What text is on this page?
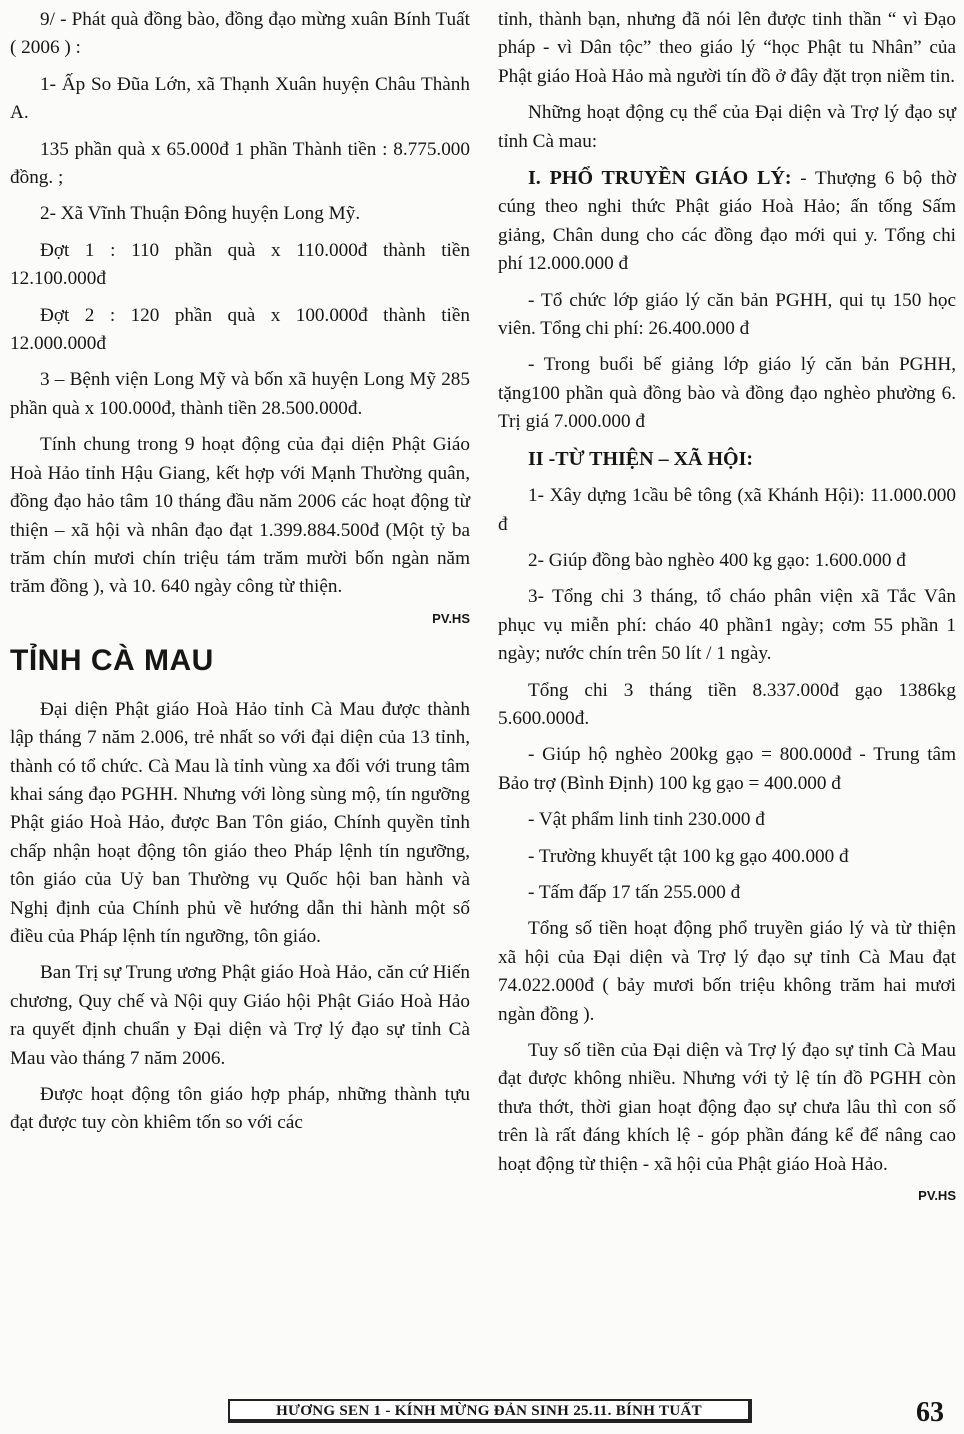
9/ - Phát quà đồng bào, đồng đạo mừng xuân Bính Tuất ( 2006 ) :

1- Ấp So Đũa Lớn, xã Thạnh Xuân huyện Châu Thành A.

135 phần quà x 65.000đ 1 phần Thành tiền : 8.775.000 đồng. ;

2- Xã Vĩnh Thuận Đông huyện Long Mỹ.

Đợt 1 : 110 phần quà x 110.000đ thành tiền 12.100.000đ

Đợt 2 : 120 phần quà x 100.000đ thành tiền 12.000.000đ

3 – Bệnh viện Long Mỹ và bốn xã huyện Long Mỹ 285 phần quà x 100.000đ, thành tiền 28.500.000đ.

Tính chung trong 9 hoạt động của đại diện Phật Giáo Hoà Hảo tỉnh Hậu Giang, kết hợp với Mạnh Thường quân, đồng đạo hảo tâm 10 tháng đầu năm 2006 các hoạt động từ thiện – xã hội và nhân đạo đạt 1.399.884.500đ (Một tỷ ba trăm chín mươi chín triệu tám trăm mười bốn ngàn năm trăm đồng ), và 10. 640 ngày công từ thiện.

PV.HS
TỈNH CÀ MAU

Đại diện Phật giáo Hoà Hảo tỉnh Cà Mau được thành lập tháng 7 năm 2.006, trẻ nhất so với đại diện của 13 tỉnh, thành có tổ chức. Cà Mau là tỉnh vùng xa đối với trung tâm khai sáng đạo PGHH. Nhưng với lòng sùng mộ, tín ngưỡng Phật giáo Hoà Hảo, được Ban Tôn giáo, Chính quyền tỉnh chấp nhận hoạt động tôn giáo theo Pháp lệnh tín ngưỡng, tôn giáo của Uỷ ban Thường vụ Quốc hội ban hành và Nghị định của Chính phủ về hướng dẫn thi hành một số điều của Pháp lệnh tín ngưỡng, tôn giáo.

Ban Trị sự Trung ương Phật giáo Hoà Hảo, căn cứ Hiến chương, Quy chế và Nội quy Giáo hội Phật Giáo Hoà Hảo ra quyết định chuẩn y Đại diện và Trợ lý đạo sự tỉnh Cà Mau vào tháng 7 năm 2006.

Được hoạt động tôn giáo hợp pháp, những thành tựu đạt được tuy còn khiêm tốn so với các

tỉnh, thành bạn, nhưng đã nói lên được tinh thần “ vì Đạo pháp - vì Dân tộc” theo giáo lý “học Phật tu Nhân” của Phật giáo Hoà Hảo mà người tín đồ ở đây đặt trọn niềm tin.

Những hoạt động cụ thể của Đại diện và Trợ lý đạo sự tỉnh Cà mau:

I. PHỔ TRUYỀN GIÁO LÝ: - Thượng 6 bộ thờ cúng theo nghi thức Phật giáo Hoà Hảo; ấn tống Sấm giảng, Chân dung cho các đồng đạo mới qui y. Tổng chi phí 12.000.000 đ

- Tổ chức lớp giáo lý căn bản PGHH, qui tụ 150 học viên. Tổng chi phí: 26.400.000 đ

- Trong buổi bế giảng lớp giáo lý căn bản PGHH, tặng100 phần quà đồng bào và đồng đạo nghèo phường 6. Trị giá 7.000.000 đ

II -TỪ THIỆN – XÃ HỘI:

1- Xây dựng 1cầu bê tông (xã Khánh Hội): 11.000.000 đ

2- Giúp đồng bào nghèo 400 kg gạo: 1.600.000 đ

3- Tổng chi 3 tháng, tổ cháo phân viện xã Tắc Vân phục vụ miễn phí: cháo 40 phần1 ngày; cơm 55 phần 1 ngày; nước chín trên 50 lít / 1 ngày.

Tổng chi 3 tháng tiền 8.337.000đ gạo 1386kg 5.600.000đ.

- Giúp hộ nghèo 200kg gạo = 800.000đ - Trung tâm Bảo trợ (Bình Định) 100 kg gạo = 400.000 đ

- Vật phẩm linh tinh 230.000 đ

- Trường khuyết tật 100 kg gạo 400.000 đ

- Tấm đấp 17 tấn 255.000 đ

Tổng số tiền hoạt động phổ truyền giáo lý và từ thiện xã hội của Đại diện và Trợ lý đạo sự tỉnh Cà Mau đạt 74.022.000đ ( bảy mươi bốn triệu không trăm hai mươi ngàn đồng ).

Tuy số tiền của Đại diện và Trợ lý đạo sự tỉnh Cà Mau đạt được không nhiều. Nhưng với tỷ lệ tín đồ PGHH còn thưa thớt, thời gian hoạt động đạo sự chưa lâu thì con số trên là rất đáng khích lệ - góp phần đáng kể để nâng cao hoạt động từ thiện - xã hội của Phật giáo Hoà Hảo.

PV.HS
HƯƠNG SEN 1 - KÍNH MỪNG ĐẢN SINH 25.11. BÍNH TUẤT	63
